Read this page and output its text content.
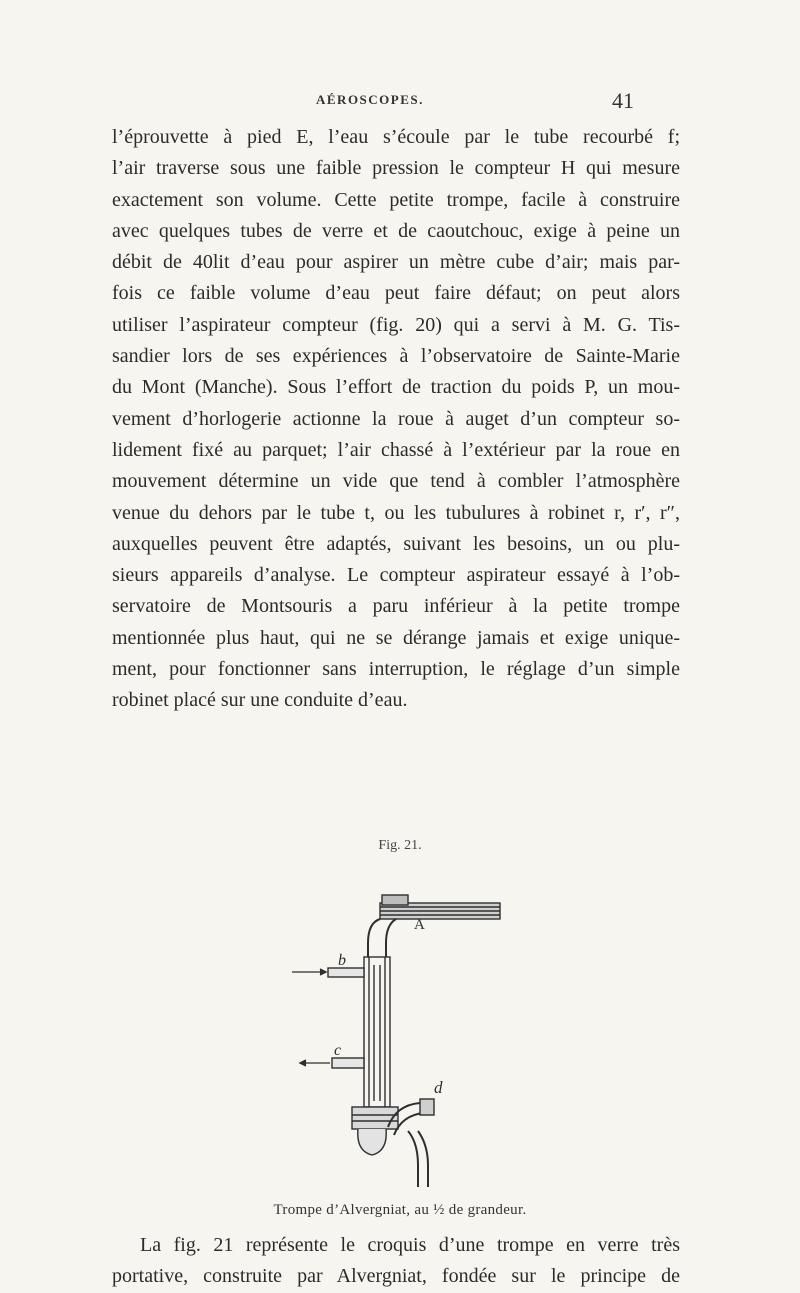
AÉROSCOPES.	41
l’éprouvette à pied E, l’eau s’écoule par le tube recourbé f;
l’air traverse sous une faible pression le compteur H qui mesure
exactement son volume. Cette petite trompe, facile à construire
avec quelques tubes de verre et de caoutchouc, exige à peine un
débit de 40lit d’eau pour aspirer un mètre cube d’air; mais par-
fois ce faible volume d’eau peut faire défaut; on peut alors
utiliser l’aspirateur compteur (fig. 20) qui a servi à M. G. Tis-
sandier lors de ses expériences à l’observatoire de Sainte-Marie
du Mont (Manche). Sous l’effort de traction du poids P, un mou-
vement d’horlogerie actionne la roue à auget d’un compteur so-
lidement fixé au parquet; l’air chassé à l’extérieur par la roue en
mouvement détermine un vide que tend à combler l’atmosphère
venue du dehors par le tube t, ou les tubulures à robinet r, r′, r″,
auxquelles peuvent être adaptés, suivant les besoins, un ou plu-
sieurs appareils d’analyse. Le compteur aspirateur essayé à l’ob-
servatoire de Montsouris a paru inférieur à la petite trompe
mentionnée plus haut, qui ne se dérange jamais et exige unique-
ment, pour fonctionner sans interruption, le réglage d’un simple
robinet placé sur une conduite d’eau.
Fig. 21.
A
b
c
d
Trompe d’Alvergniat, au ½ de grandeur.
La fig. 21 représente le croquis d’une trompe en verre très
portative, construite par Alvergniat, fondée sur le principe de
